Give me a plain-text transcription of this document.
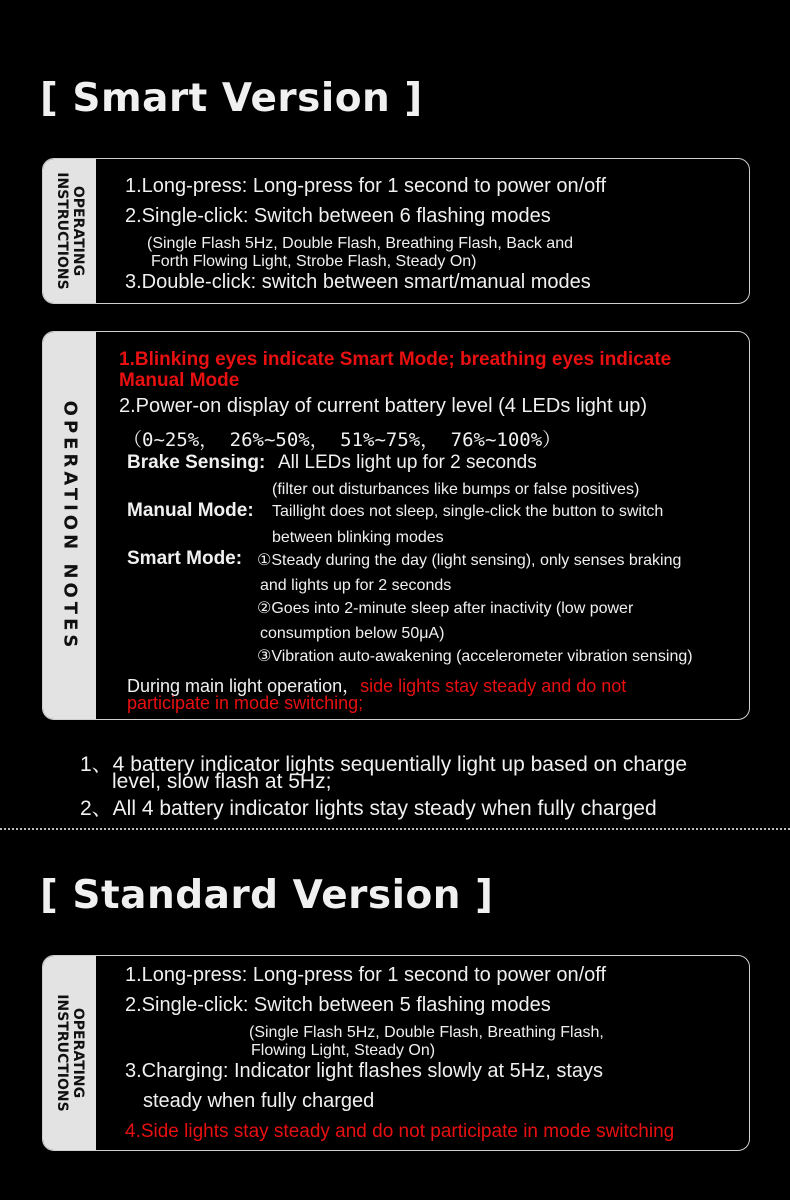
[ Smart Version ]
OPERATING
INSTRUCTIONS	1.Long-press: Long-press for 1 second to power on/off
2.Single-click: Switch between 6 flashing modes
(Single Flash 5Hz, Double Flash, Breathing Flash, Back and
Forth Flowing Light, Strobe Flash, Steady On)
3.Double-click: switch between smart/manual modes
OPERATION NOTES
1.Blinking eyes indicate Smart Mode; breathing eyes indicate
Manual Mode
2.Power-on display of current battery level (4 LEDs light up)
（0~25%， 26%~50%， 51%~75%， 76%~100%）
Brake Sensing: All LEDs light up for 2 seconds
(filter out disturbances like bumps or false positives)
Manual Mode: Taillight does not sleep, single-click the button to switch
between blinking modes
Smart Mode: ①Steady during the day (light sensing), only senses braking
and lights up for 2 seconds
②Goes into 2-minute sleep after inactivity (low power
consumption below 50μA)
③Vibration auto-awakening (accelerometer vibration sensing)
During main light operation，side lights stay steady and do not
participate in mode switching;
1、4 battery indicator lights sequentially light up based on charge
level, slow flash at 5Hz;
2、All 4 battery indicator lights stay steady when fully charged
[ Standard Version ]
OPERATING
INSTRUCTIONS
1.Long-press: Long-press for 1 second to power on/off
2.Single-click: Switch between 5 flashing modes
(Single Flash 5Hz, Double Flash, Breathing Flash,
Flowing Light, Steady On)
3.Charging: Indicator light flashes slowly at 5Hz, stays
steady when fully charged
4.Side lights stay steady and do not participate in mode switching
